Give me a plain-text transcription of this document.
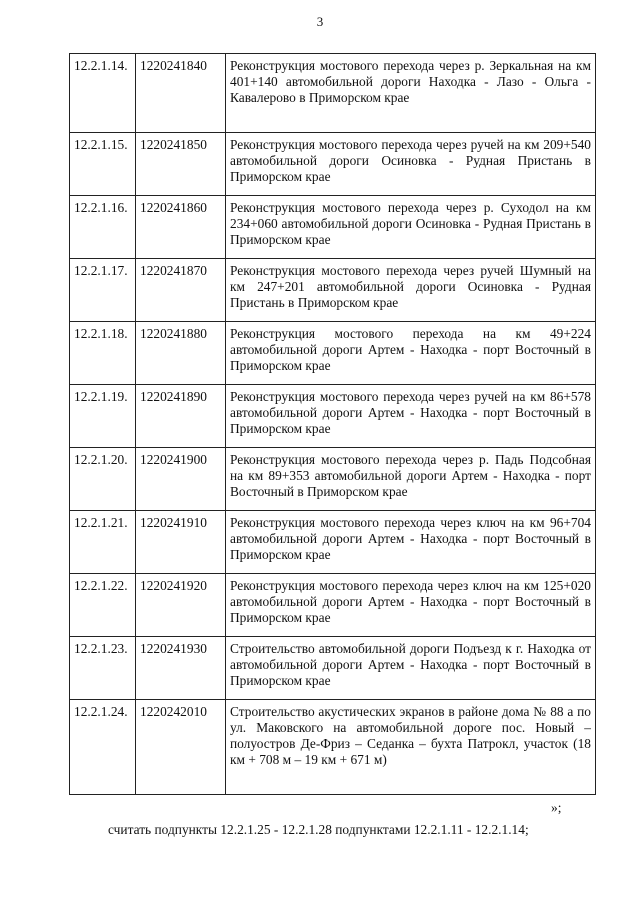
3
12.2.1.14.	1220241840	Реконструкция мостового перехода через р. Зеркальная на км 401+140 автомобильной дороги Находка - Лазо - Ольга - Кавалерово в Приморском крае
12.2.1.15.	1220241850	Реконструкция мостового перехода через ручей на км 209+540 автомобильной дороги Осиновка - Рудная Пристань в Приморском крае
12.2.1.16.	1220241860	Реконструкция мостового перехода через р. Суходол на км 234+060 автомобильной дороги Осиновка - Рудная Пристань в Приморском крае
12.2.1.17.	1220241870	Реконструкция мостового перехода через ручей Шумный на км 247+201 автомобильной дороги Осиновка - Рудная Пристань в Приморском крае
12.2.1.18.	1220241880	Реконструкция мостового перехода на км 49+224 автомобильной дороги Артем - Находка - порт Восточный в Приморском крае
12.2.1.19.	1220241890	Реконструкция мостового перехода через ручей на км 86+578 автомобильной дороги Артем - Находка - порт Восточный в Приморском крае
12.2.1.20.	1220241900	Реконструкция мостового перехода через р. Падь Подсобная на км 89+353 автомобильной дороги Артем - Находка - порт Восточный в Приморском крае
12.2.1.21.	1220241910	Реконструкция мостового перехода через ключ на км 96+704 автомобильной дороги Артем - Находка - порт Восточный в Приморском крае
12.2.1.22.	1220241920	Реконструкция мостового перехода через ключ на км 125+020 автомобильной дороги Артем - Находка - порт Восточный в Приморском крае
12.2.1.23.	1220241930	Строительство автомобильной дороги Подъезд к г. Находка от автомобильной дороги Артем - Находка - порт Восточный в Приморском крае
12.2.1.24.	1220242010	Строительство акустических экранов в районе дома № 88 а по ул. Маковского на автомобильной дороге пос. Новый – полуостров Де-Фриз – Седанка – бухта Патрокл, участок (18 км + 708 м – 19 км + 671 м)
»;
считать подпункты 12.2.1.25 - 12.2.1.28 подпунктами 12.2.1.11 - 12.2.1.14;
